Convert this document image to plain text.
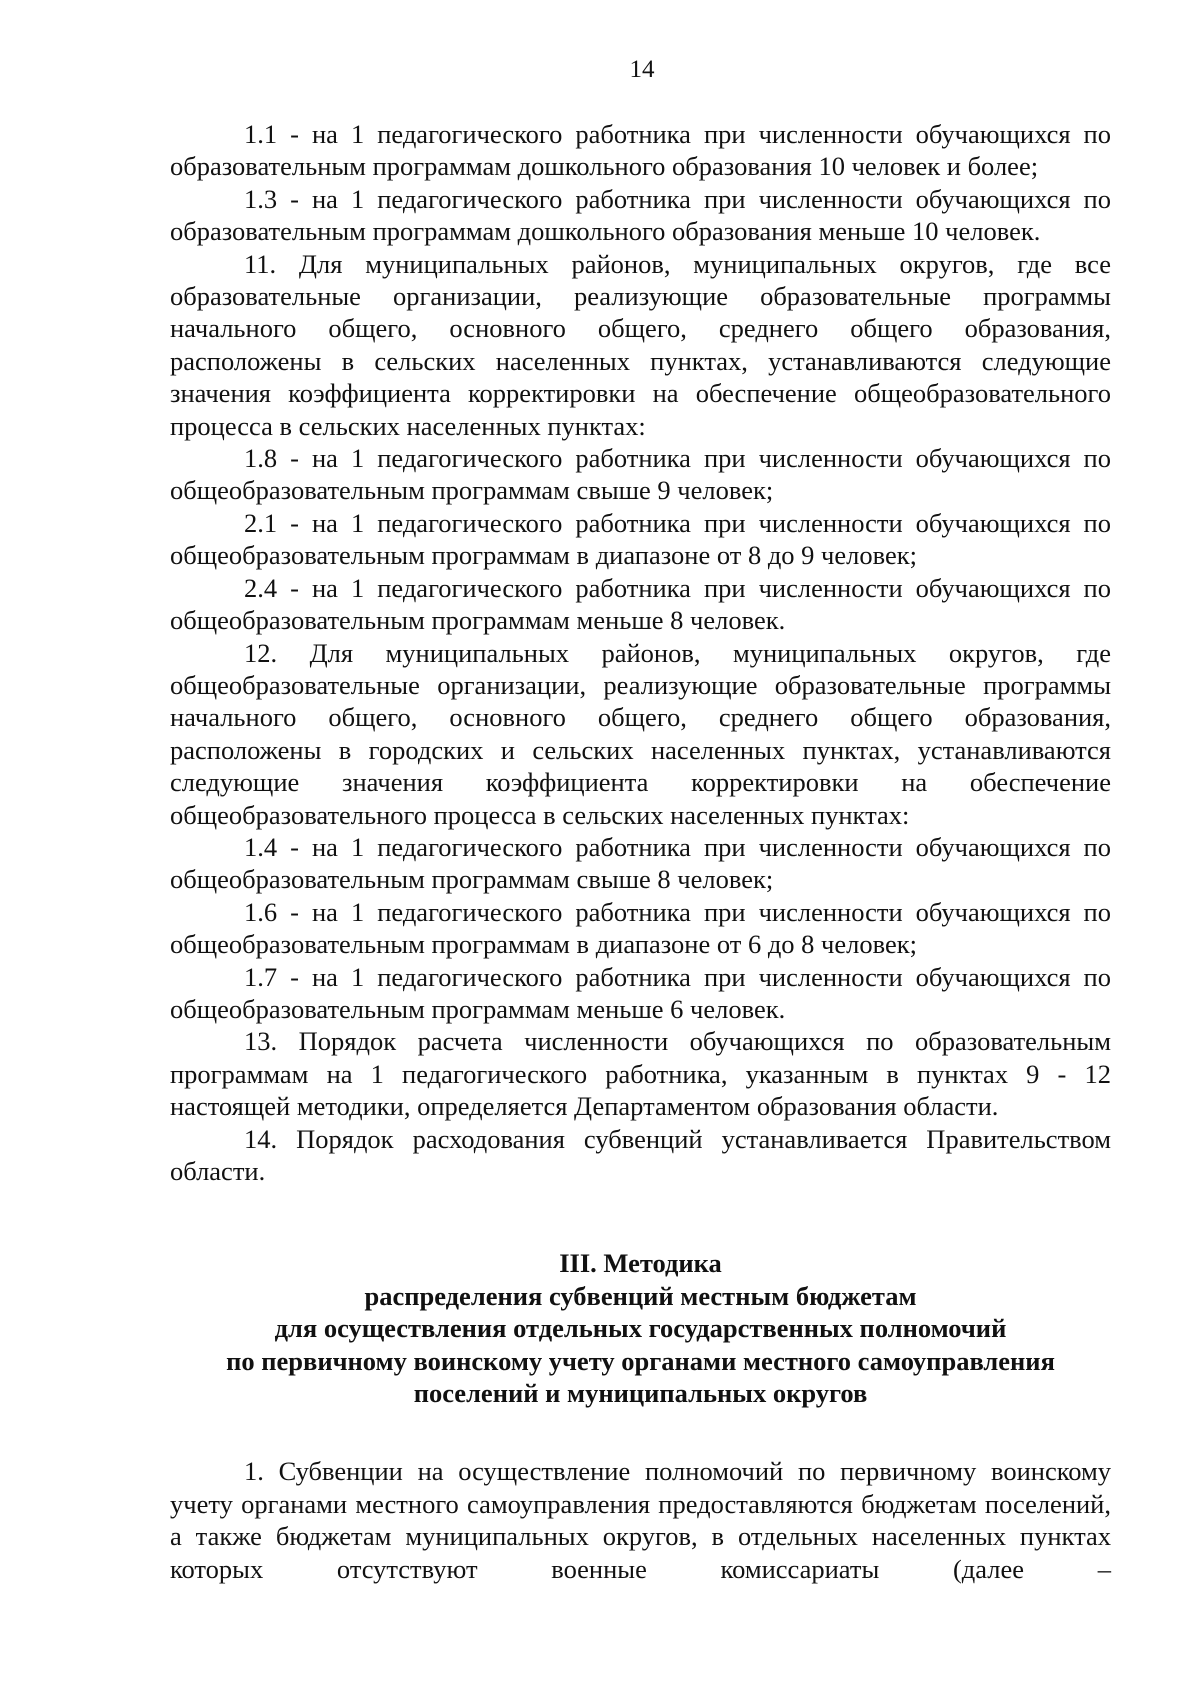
14

1.1 - на 1 педагогического работника при численности обучающихся по образовательным программам дошкольного образования 10 человек и более;

1.3 - на 1 педагогического работника при численности обучающихся по образовательным программам дошкольного образования меньше 10 человек.

11. Для муниципальных районов, муниципальных округов, где все образовательные организации, реализующие образовательные программы начального общего, основного общего, среднего общего образования, расположены в сельских населенных пунктах, устанавливаются следующие значения коэффициента корректировки на обеспечение общеобразовательного процесса в сельских населенных пунктах:

1.8 - на 1 педагогического работника при численности обучающихся по общеобразовательным программам свыше 9 человек;

2.1 - на 1 педагогического работника при численности обучающихся по общеобразовательным программам в диапазоне от 8 до 9 человек;

2.4 - на 1 педагогического работника при численности обучающихся по общеобразовательным программам меньше 8 человек.

12. Для муниципальных районов, муниципальных округов, где общеобразовательные организации, реализующие образовательные программы начального общего, основного общего, среднего общего образования, расположены в городских и сельских населенных пунктах, устанавливаются следующие значения коэффициента корректировки на обеспечение общеобразовательного процесса в сельских населенных пунктах:

1.4 - на 1 педагогического работника при численности обучающихся по общеобразовательным программам свыше 8 человек;

1.6 - на 1 педагогического работника при численности обучающихся по общеобразовательным программам в диапазоне от 6 до 8 человек;

1.7 - на 1 педагогического работника при численности обучающихся по общеобразовательным программам меньше 6 человек.

13. Порядок расчета численности обучающихся по образовательным программам на 1 педагогического работника, указанным в пунктах 9 - 12 настоящей методики, определяется Департаментом образования области.

14. Порядок расходования субвенций устанавливается Правительством области.

III. Методика
распределения субвенций местным бюджетам
для осуществления отдельных государственных полномочий
по первичному воинскому учету органами местного самоуправления
поселений и муниципальных округов

1. Субвенции на осуществление полномочий по первичному воинскому учету органами местного самоуправления предоставляются бюджетам поселений, а также бюджетам муниципальных округов, в отдельных населенных пунктах которых отсутствуют военные комиссариаты (далее –
